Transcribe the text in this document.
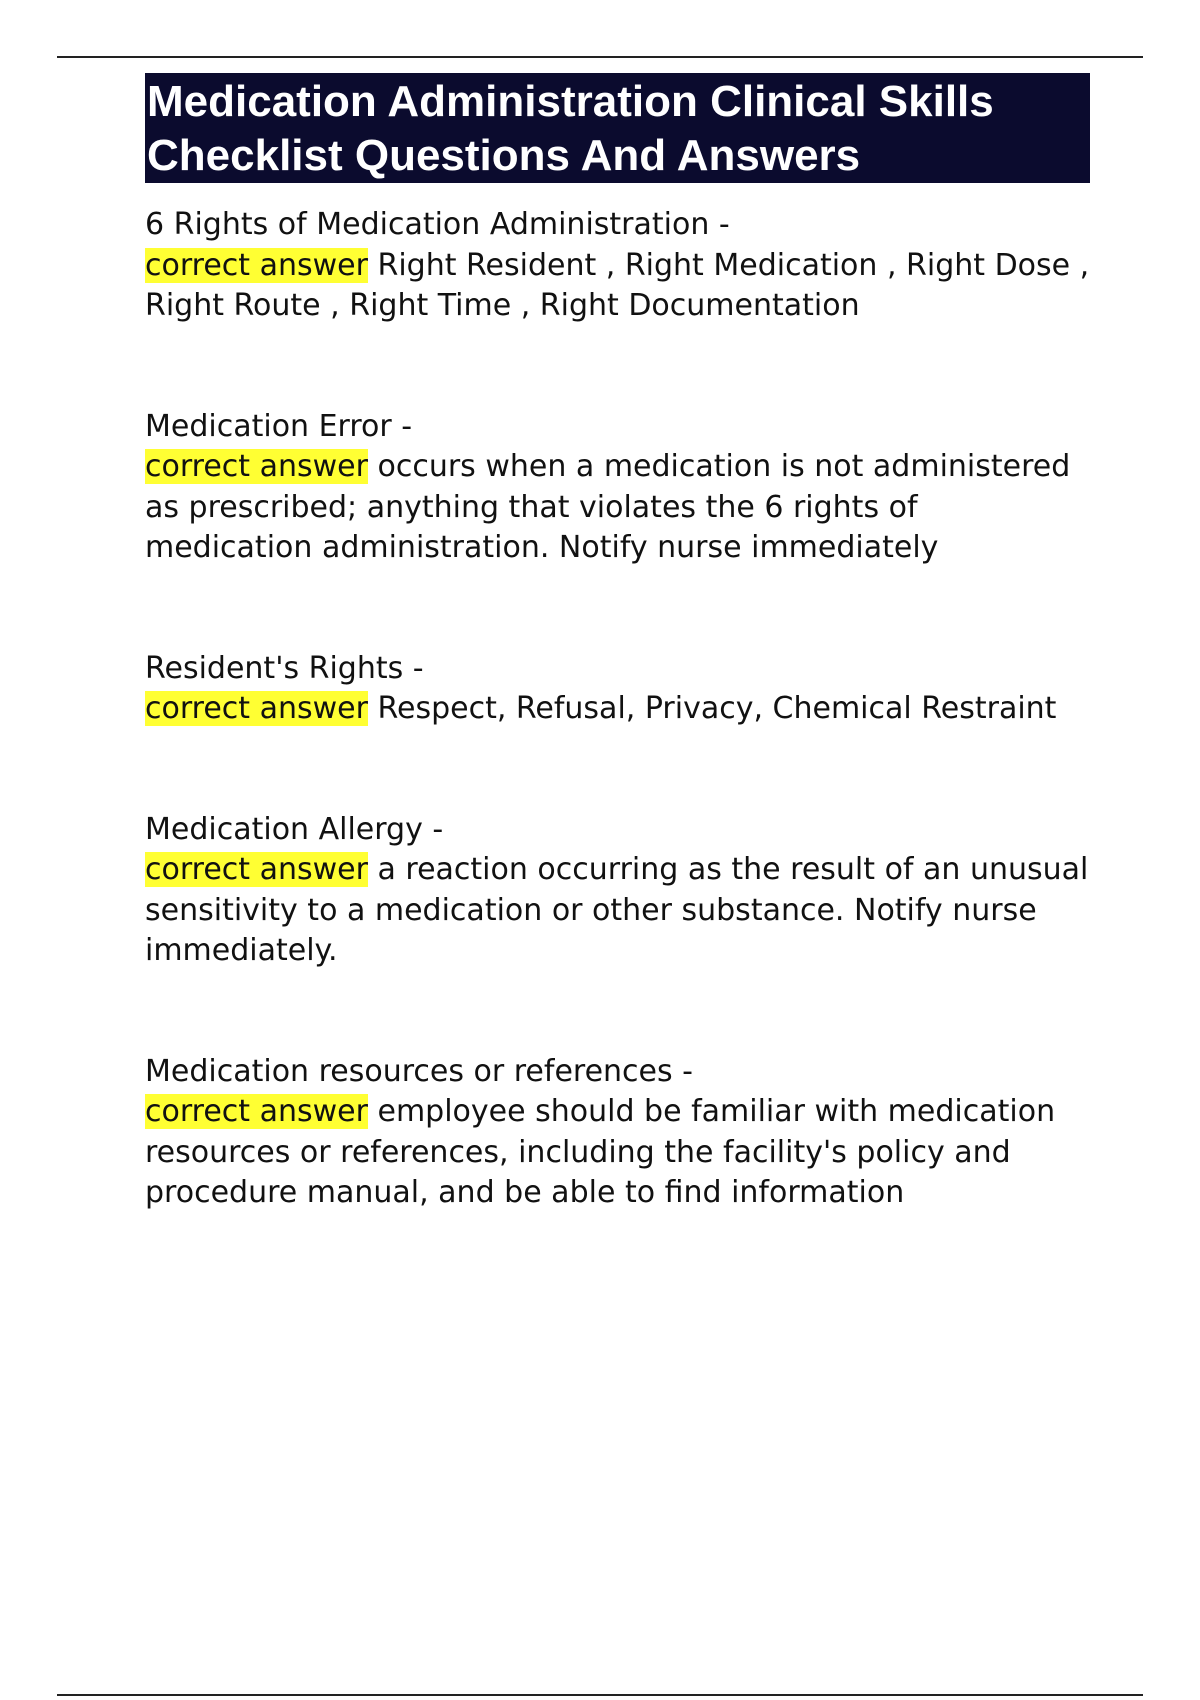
Medication Administration Clinical Skills Checklist Questions And Answers

6 Rights of Medication Administration -

correct answer Right Resident , Right Medication , Right Dose , Right Route , Right Time , Right Documentation

Medication Error -

correct answer occurs when a medication is not administered as prescribed; anything that violates the 6 rights of medication administration. Notify nurse immediately

Resident's Rights -

correct answer Respect, Refusal, Privacy, Chemical Restraint

Medication Allergy -

correct answer a reaction occurring as the result of an unusual sensitivity to a medication or other substance. Notify nurse immediately.

Medication resources or references -

correct answer employee should be familiar with medication resources or references, including the facility's policy and procedure manual, and be able to find information
